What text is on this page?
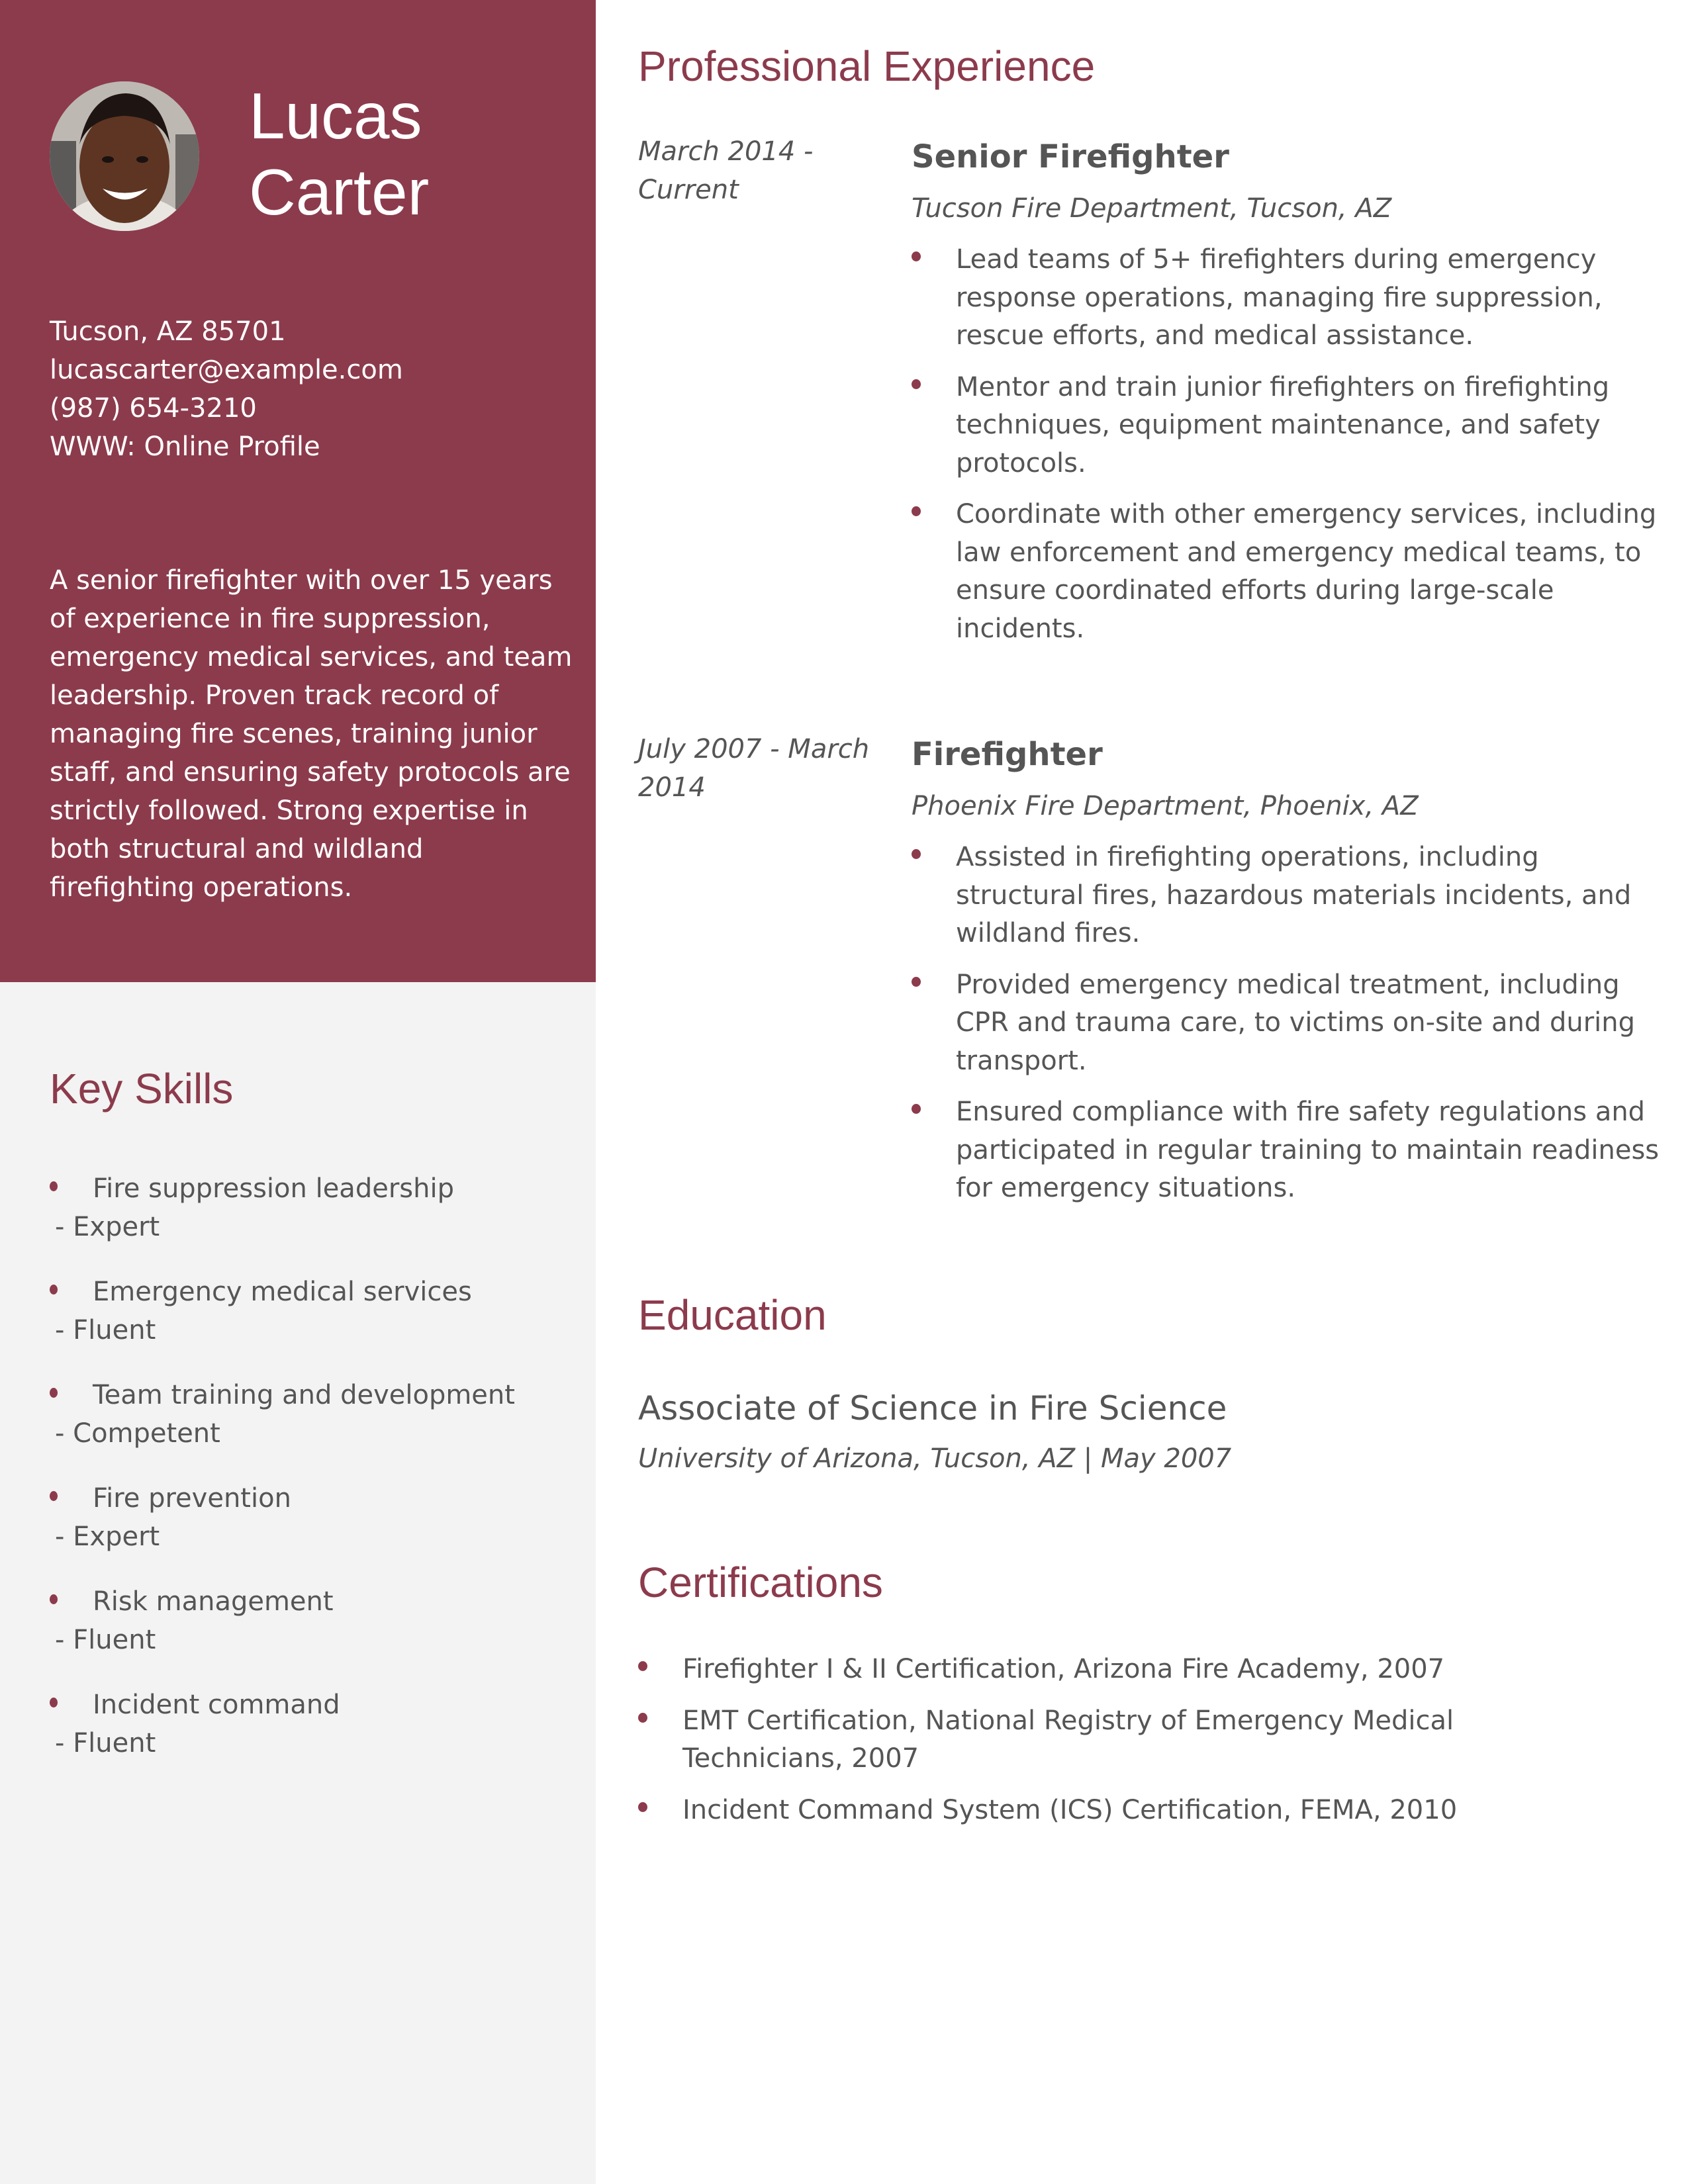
Lucas
Carter
Tucson, AZ 85701
lucascarter@example.com
(987) 654-3210
WWW: Online Profile
A senior firefighter with over 15 years of experience in fire suppression, emergency medical services, and team leadership. Proven track record of managing fire scenes, training junior staff, and ensuring safety protocols are strictly followed. Strong expertise in both structural and wildland firefighting operations.
Key Skills
Fire suppression leadership
- Expert
Emergency medical services
- Fluent
Team training and development
- Competent
Fire prevention
- Expert
Risk management
- Fluent
Incident command
- Fluent
Professional Experience
March 2014 - Current
Senior Firefighter
Tucson Fire Department, Tucson, AZ
Lead teams of 5+ firefighters during emergency response operations, managing fire suppression, rescue efforts, and medical assistance.
Mentor and train junior firefighters on firefighting techniques, equipment maintenance, and safety protocols.
Coordinate with other emergency services, including law enforcement and emergency medical teams, to ensure coordinated efforts during large-scale incidents.
July 2007 - March 2014
Firefighter
Phoenix Fire Department, Phoenix, AZ
Assisted in firefighting operations, including structural fires, hazardous materials incidents, and wildland fires.
Provided emergency medical treatment, including CPR and trauma care, to victims on-site and during transport.
Ensured compliance with fire safety regulations and participated in regular training to maintain readiness for emergency situations.
Education
Associate of Science in Fire Science
University of Arizona, Tucson, AZ | May 2007
Certifications
Firefighter I & II Certification, Arizona Fire Academy, 2007
EMT Certification, National Registry of Emergency Medical Technicians, 2007
Incident Command System (ICS) Certification, FEMA, 2010
